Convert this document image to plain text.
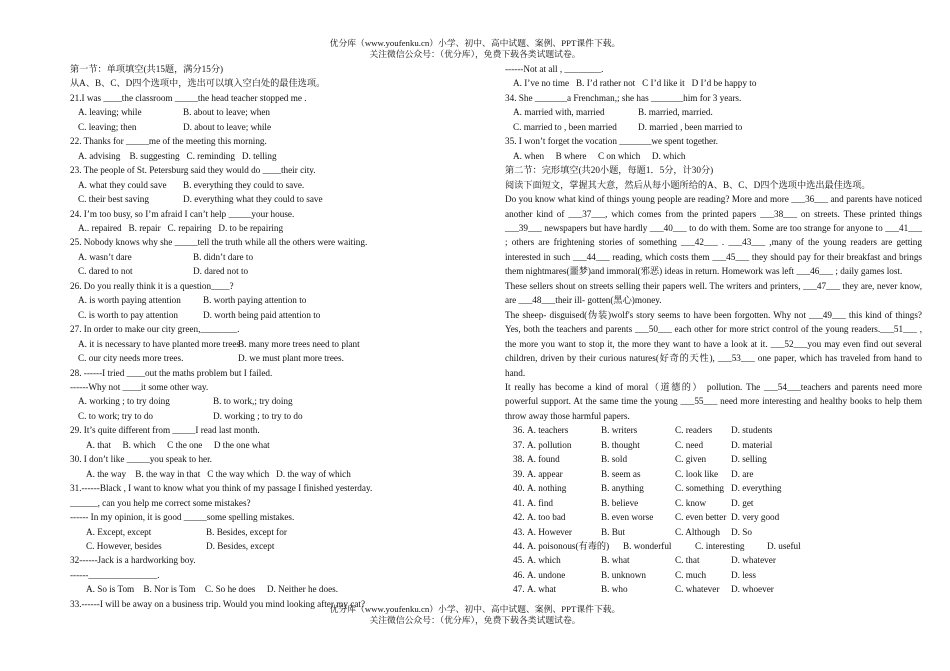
优分库（www.youfenku.cn）小学、初中、高中试题、案例、PPT课件下载。
关注微信公众号：（优分库），免费下载各类试题试卷。
第一节：单项填空(共15题，满分15分)
从A、B、C、D四个选项中，选出可以填入空白处的最佳选项。
21.I was ____the classroom _____the head teacher stopped me .
A. leaving; while	B. about to leave; when
C. leaving; then	D. about to leave; while
22. Thanks for _____me of the meeting this morning.
A. advising    B. suggesting   C. reminding   D. telling
23. The people of St. Petersburg said they would do ____their city.
A. what they could save B. everything they could to save.
C. their best saving	D. everything what they could to save
24. I’m too busy, so I’m afraid I can’t help _____your house.
A.. repaired   B. repair   C. repairing   D. to be repairing
25. Nobody knows why she _____tell the truth while all the others were waiting.
A. wasn’t dare	B. didn’t dare to
C. dared to not	D. dared not to
26. Do you really think it is a question____?
A. is worth paying attention B. worth paying attention to
C. is worth to pay attention	D. worth being paid attention to
27. In order to make our city green,________.
A. it is necessary to have planted more treesB. many more trees need to plant
C. our city needs more trees.	D. we must plant more trees.
28. ------I tried ____out the maths problem but I failed.
------Why not ____it some other way.
A. working ; to try doing	B. to work,; try doing
C. to work; try to do	D. working ; to try to do
29. It’s quite different from _____I read last month.
A. that     B. which     C the one     D the one what
30. I don’t like _____you speak to her.
A. the way    B. the way in that   C the way which   D. the way of which
31.------Black , I want to know what you think of my passage I finished yesterday.
______, can you help me correct some mistakes?
------ In my opinion, it is good _____some spelling mistakes.
A. Except, except	B. Besides, except for
C. However, besides	D. Besides, except
32------Jack is a hardworking boy.
------_______________.
A. So is Tom    B. Nor is Tom    C. So he does     D. Neither he does.
33.------I will be away on a business trip. Would you mind looking after my cat?
------Not at all , ________.
A. I’ve no time   B. I’d rather not   C I’d like it   D I’d be happy to
34. She _______a Frenchman,; she has _______him for 3 years.
A. married with, married	B. married, married.
C. married to , been married D. married , been married to
35. I won’t forget the vocation _______we spent together.
A. when     B where     C on which     D. which
第二节：完形填空(共20小题，每题1．5分，计30分)
阅读下面短文，掌握其大意，然后从每小题所给的A、B、C、D四个选项中选出最佳选项。
Do you know what kind of things young people are reading? More and more ___36___ and parents have noticed another kind of ___37___, which comes from the printed papers ___38___ on streets. These printed things ___39___ newspapers but have hardly ___40___ to do with them. Some are too strange for anyone to ___41___ ; others are frightening stories of something ___42___ . ___43___ ,many of the young readers are getting interested in such ___44___ reading, which costs them ___45___ they should pay for their breakfast and brings them nightmares(噩梦)and immoral(邪恶) ideas in return. Homework was left ___46___ ; daily games lost.
These sellers shout on streets selling their papers well. The writers and printers, ___47___ they are, never know, are ___48___their ill- gotten(黑心)money.
The sheep- disguised(伪装)wolf's story seems to have been forgotten. Why not ___49___ this kind of things? Yes, both the teachers and parents ___50___ each other for more strict control of the young readers.___51___ , the more you want to stop it, the more they want to have a look at it. ___52___you may even find out several children, driven by their curious natures(好奇的天性), ___53___ one paper, which has traveled from hand to hand.
It really has become a kind of moral（道德的） pollution. The ___54___teachers and parents need more powerful support. At the same time the young ___55___ need more interesting and healthy books to help them throw away those harmful papers.
36. A. teachers	B. writers	C. readers D. students
37. A. pollution	B. thought	C. need	D. material
38. A. found	B. sold	C. given	D. selling
39. A. appear	B. seem as	C. look like D. are
40. A. nothing	B. anything	C. something D. everything
41. A. find	B. believe	C. know	D. get
42. A. too bad	B. even worse C. even better D. very good
43. A. However	B. But	C. Although D. So
44. A. poisonous(有毒的) B. wonderful	C. interesting D. useful
45. A. which	B. what	C. that	D. whatever
46. A. undone	B. unknown	C. much	D. less
47. A. what	B. who	C. whatever D. whoever
优分库（www.youfenku.cn）小学、初中、高中试题、案例、PPT课件下载。
关注微信公众号：（优分库），免费下载各类试题试卷。
